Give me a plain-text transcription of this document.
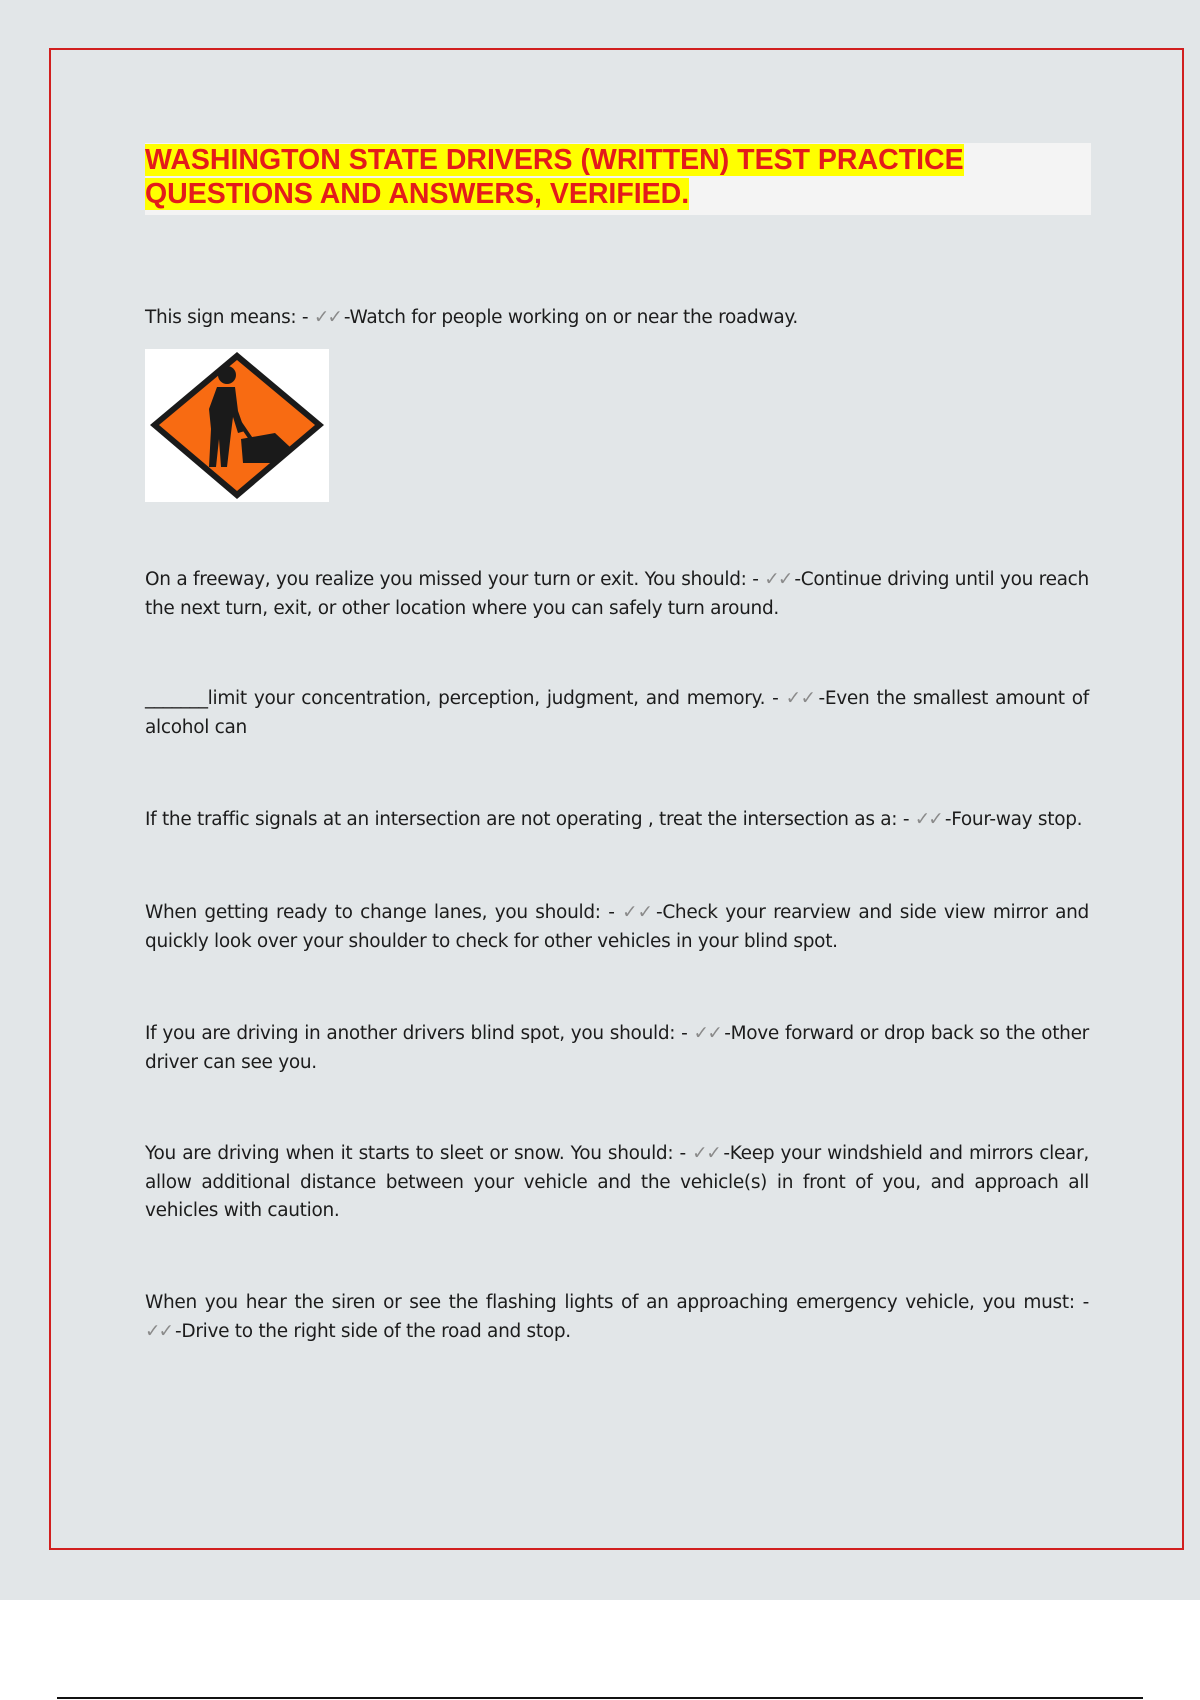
WASHINGTON STATE DRIVERS (WRITTEN) TEST PRACTICE
QUESTIONS AND ANSWERS, VERIFIED.

This sign means: - ✓✓ -Watch for people working on or near the roadway.

On a freeway, you realize you missed your turn or exit. You should: - ✓✓ -Continue driving until you reach the next turn, exit, or other location where you can safely turn around.

_______limit your concentration, perception, judgment, and memory. - ✓✓ -Even the smallest amount of alcohol can

If the traffic signals at an intersection are not operating , treat the intersection as a: - ✓✓ -Four-way stop.

When getting ready to change lanes, you should: - ✓✓ -Check your rearview and side view mirror and quickly look over your shoulder to check for other vehicles in your blind spot.

If you are driving in another drivers blind spot, you should: - ✓✓ -Move forward or drop back so the other driver can see you.

You are driving when it starts to sleet or snow. You should: - ✓✓ -Keep your windshield and mirrors clear, allow additional distance between your vehicle and the vehicle(s) in front of you, and approach all vehicles with caution.

When you hear the siren or see the flashing lights of an approaching emergency vehicle, you must: - ✓✓ -Drive to the right side of the road and stop.
